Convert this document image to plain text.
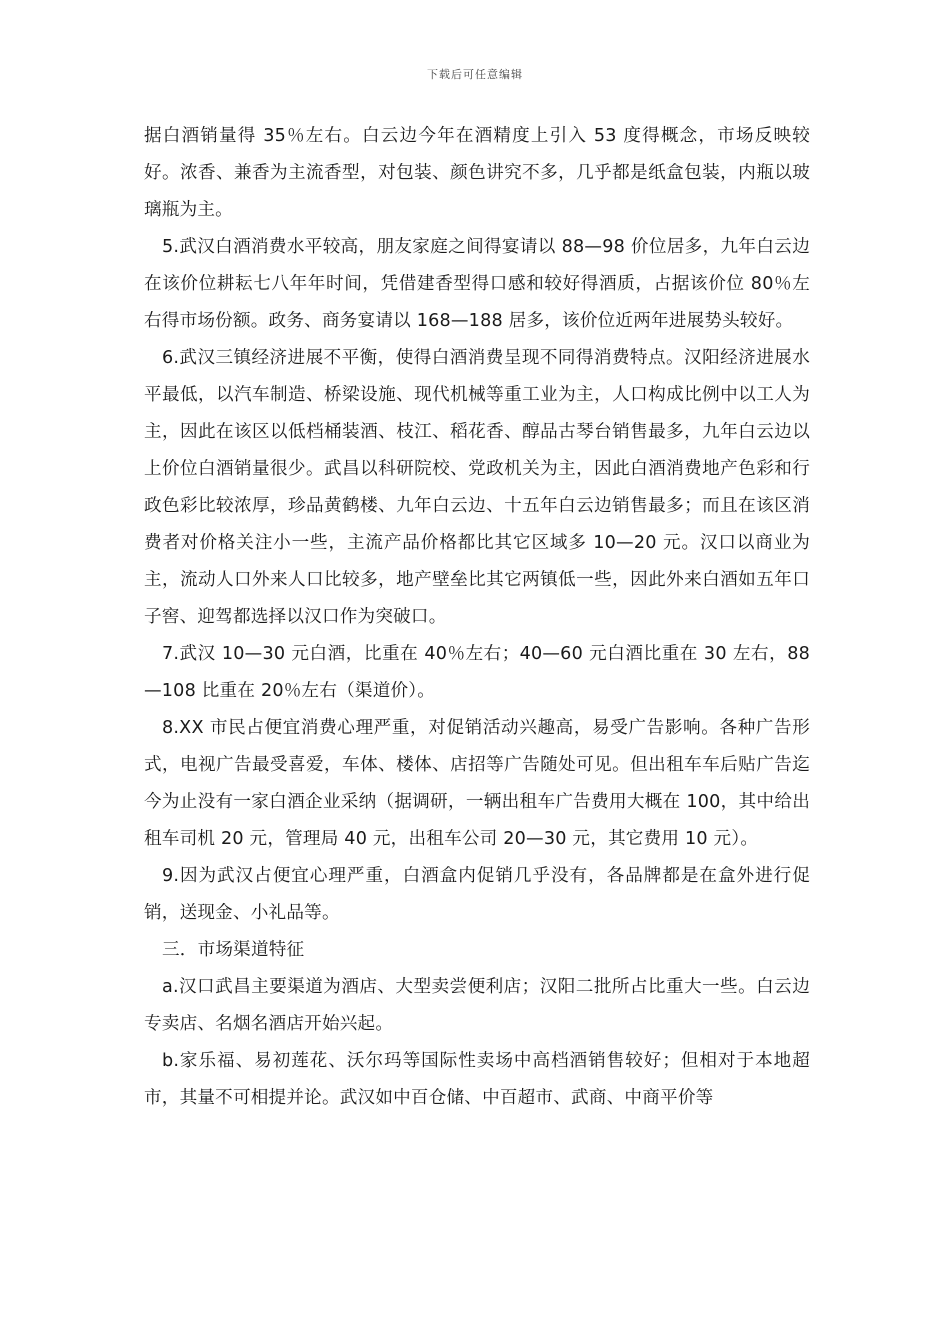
下载后可任意编辑

据白酒销量得 35％左右。白云边今年在酒精度上引入 53 度得概念，市场反映较好。浓香、兼香为主流香型，对包装、颜色讲究不多，几乎都是纸盒包装，内瓶以玻璃瓶为主。

5.武汉白酒消费水平较高，朋友家庭之间得宴请以 88—98 价位居多，九年白云边在该价位耕耘七八年年时间，凭借建香型得口感和较好得酒质，占据该价位 80％左右得市场份额。政务、商务宴请以 168—188 居多，该价位近两年进展势头较好。

6.武汉三镇经济进展不平衡，使得白酒消费呈现不同得消费特点。汉阳经济进展水平最低，以汽车制造、桥梁设施、现代机械等重工业为主，人口构成比例中以工人为主，因此在该区以低档桶装酒、枝江、稻花香、醇品古琴台销售最多，九年白云边以上价位白酒销量很少。武昌以科研院校、党政机关为主，因此白酒消费地产色彩和行政色彩比较浓厚，珍品黄鹤楼、九年白云边、十五年白云边销售最多；而且在该区消费者对价格关注小一些，主流产品价格都比其它区域多 10—20 元。汉口以商业为主，流动人口外来人口比较多，地产壁垒比其它两镇低一些，因此外来白酒如五年口子窖、迎驾都选择以汉口作为突破口。

7.武汉 10—30 元白酒，比重在 40％左右；40—60 元白酒比重在 30 左右，88—108 比重在 20％左右（渠道价）。

8.XX 市民占便宜消费心理严重，对促销活动兴趣高，易受广告影响。各种广告形式，电视广告最受喜爱，车体、楼体、店招等广告随处可见。但出租车车后贴广告迄今为止没有一家白酒企业采纳（据调研，一辆出租车广告费用大概在 100，其中给出租车司机 20 元，管理局 40 元，出租车公司 20—30 元，其它费用 10 元）。

9.因为武汉占便宜心理严重，白酒盒内促销几乎没有，各品牌都是在盒外进行促销，送现金、小礼品等。

三．市场渠道特征

a.汉口武昌主要渠道为酒店、大型卖尝便利店；汉阳二批所占比重大一些。白云边专卖店、名烟名酒店开始兴起。

b.家乐福、易初莲花、沃尔玛等国际性卖场中高档酒销售较好；但相对于本地超市，其量不可相提并论。武汉如中百仓储、中百超市、武商、中商平价等
